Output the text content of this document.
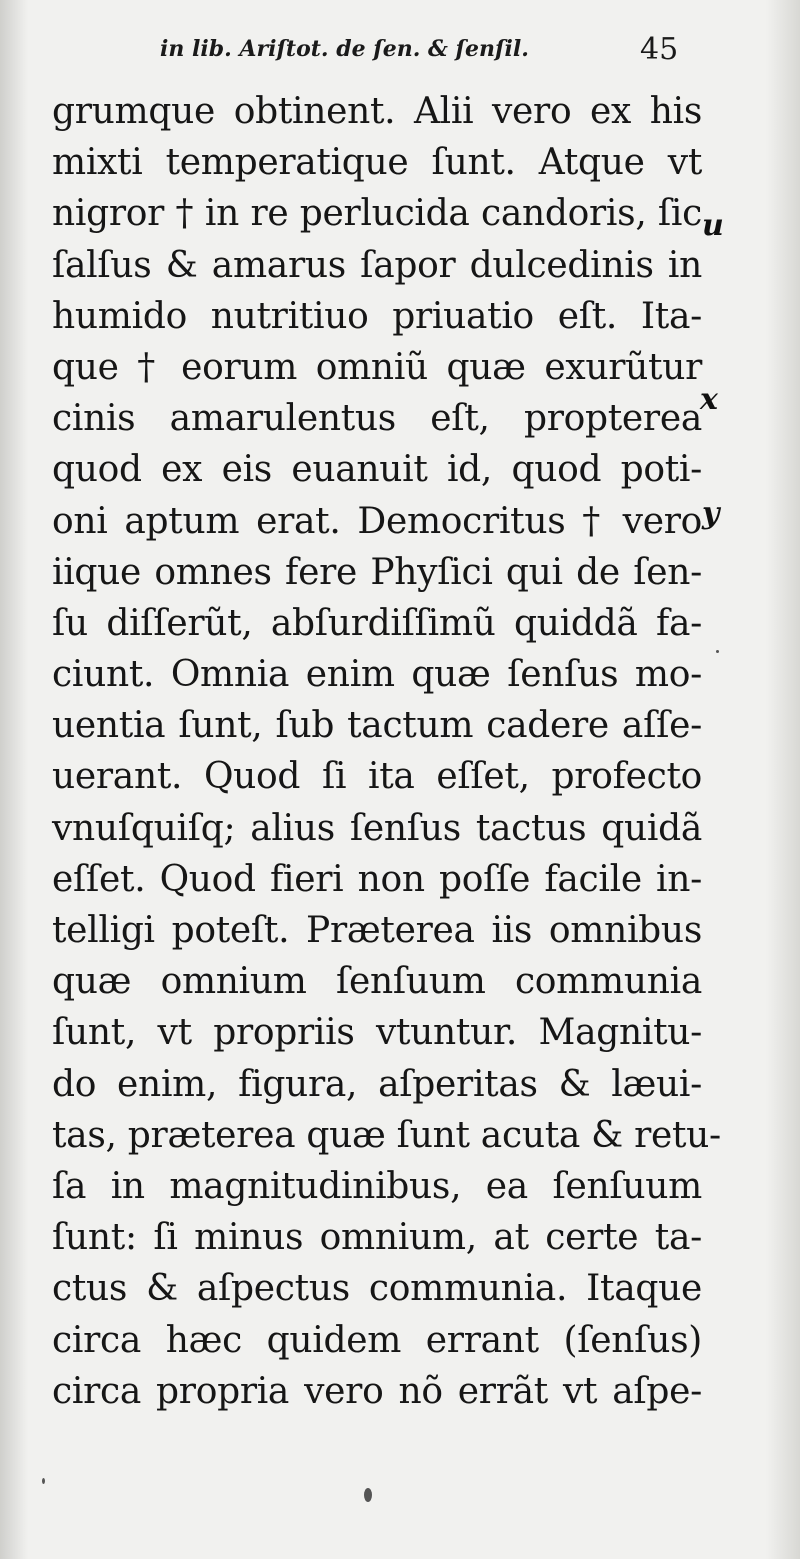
in lib. Ariſtot. de ſen. & ſenſil.	45
grumque obtinent. Alii vero ex his
mixti temperatique ſunt. Atque vt
nigror † in re perlucida candoris, ſic
ſalſus & amarus ſapor dulcedinis in
humido nutritiuo priuatio eſt. Ita-
que † eorum omniũ quæ exurũtur
cinis amarulentus eſt, propterea
quod ex eis euanuit id, quod poti-
oni aptum erat. Democritus † vero
iique omnes fere Phyſici qui de ſen-
ſu diſſerũt, abſurdiſſimũ quiddã fa-
ciunt. Omnia enim quæ ſenſus mo-
uentia ſunt, ſub tactum cadere aſſe-
uerant. Quod ſi ita eſſet, profecto
vnuſquiſq; alius ſenſus tactus quidã
eſſet. Quod fieri non poſſe facile in-
telligi poteſt. Præterea iis omnibus
quæ omnium ſenſuum communia
ſunt, vt propriis vtuntur. Magnitu-
do enim, figura, aſperitas & læui-
tas, præterea quæ ſunt acuta & retu-
ſa in magnitudinibus, ea ſenſuum
ſunt: ſi minus omnium, at certe ta-
ctus & aſpectus communia. Itaque
circa hæc quidem errant (ſenſus)
circa propria vero nõ errãt vt aſpe-
u
x
y
